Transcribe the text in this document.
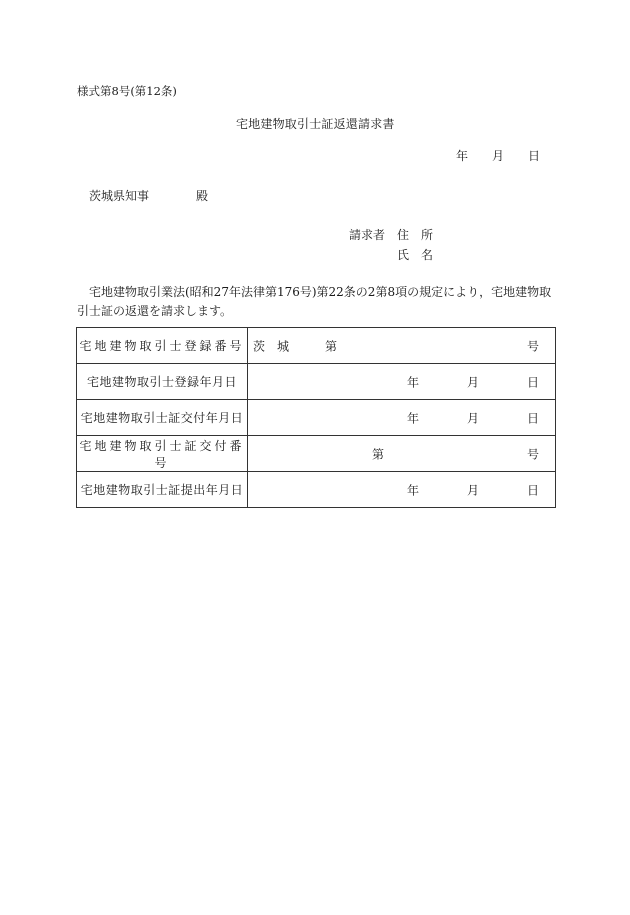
様式第8号(第12条)
宅地建物取引士証返還請求書
年 月 日
茨城県知事	殿
請求者 住 所
氏 名
宅地建物取引業法(昭和27年法律第176号)第22条の2第8項の規定により，宅地建物取引士証の返還を請求します。
宅地建物取引士登録番号	茨　城 第 号

宅地建物取引士登録年月日	年 月 日

宅地建物取引士証交付年月日	年 月 日

宅地建物取引士証交付番号	第 号

宅地建物取引士証提出年月日	年 月 日
